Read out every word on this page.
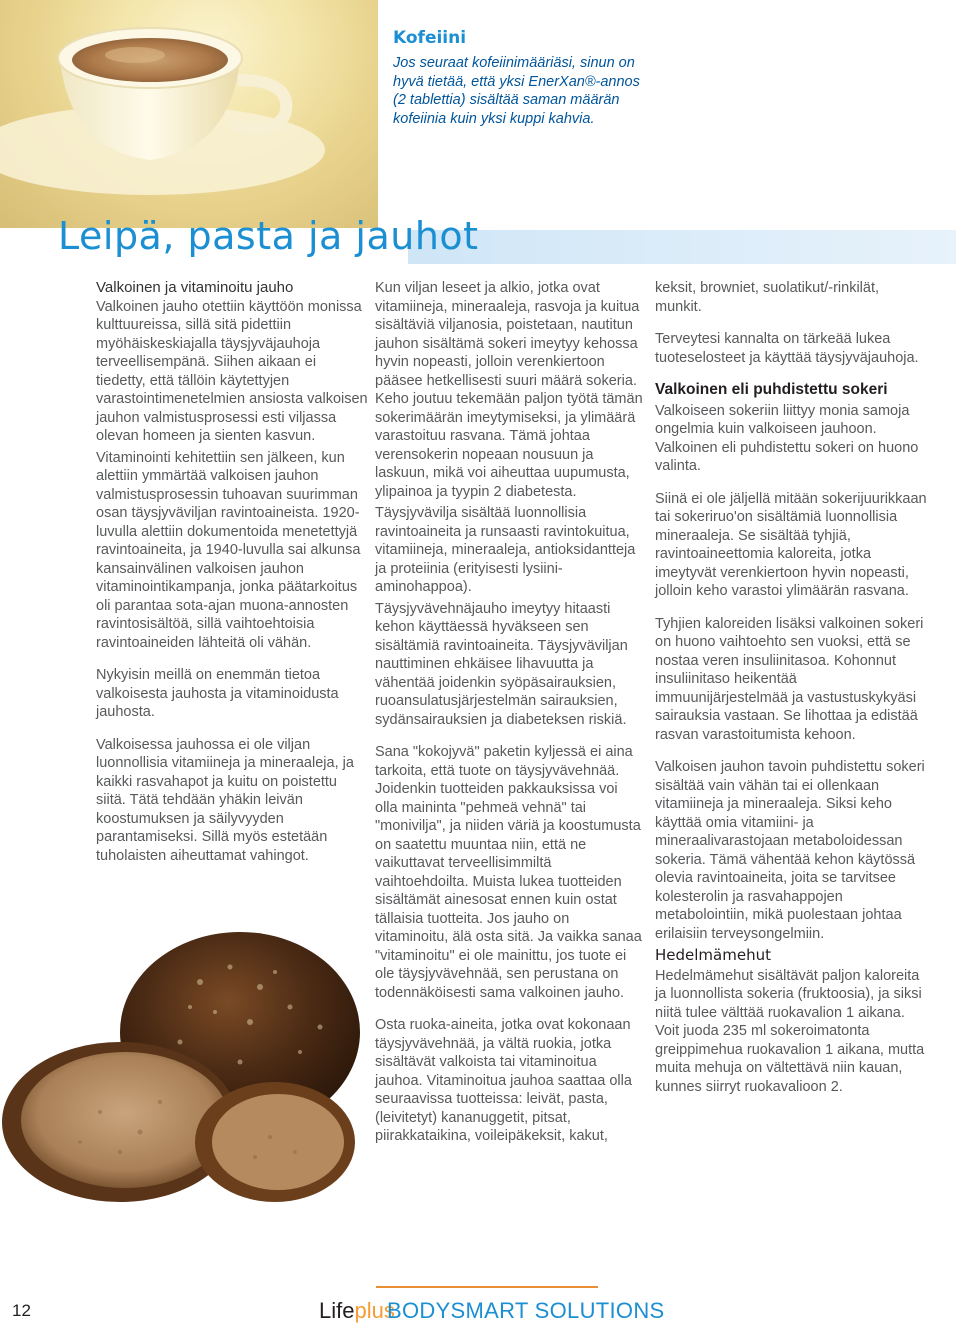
Leipä, pasta ja jauhot
Kofeiini

Jos seuraat kofeiinimääriäsi, sinun on hyvä tietää, että yksi EnerXan®-annos (2 tablettia) sisältää saman määrän kofeiinia kuin yksi kuppi kahvia.

Valkoinen ja vitaminoitu jauho

Valkoinen jauho otettiin käyttöön monissa kulttuureissa, sillä sitä pidettiin myöhäiskeskiajalla täysjyväjauhoja terveellisempänä. Siihen aikaan ei tiedetty, että tällöin käytettyjen varastointimenetelmien ansiosta valkoisen jauhon valmistusprosessi esti viljassa olevan homeen ja sienten kasvun.

Vitaminointi kehitettiin sen jälkeen, kun alettiin ymmärtää valkoisen jauhon valmistusprosessin tuhoavan suurimman osan täysjyväviljan ravintoaineista. 1920-luvulla alettiin dokumentoida menetettyjä ravintoaineita, ja 1940-luvulla sai alkunsa kansainvälinen valkoisen jauhon vitaminointikampanja, jonka päätarkoitus oli parantaa sota-ajan muona-annosten ravintosisältöä, sillä vaihtoehtoisia ravintoaineiden lähteitä oli vähän.

Nykyisin meillä on enemmän tietoa valkoisesta jauhosta ja vitaminoidusta jauhosta.

Valkoisessa jauhossa ei ole viljan luonnollisia vitamiineja ja mineraaleja, ja kaikki rasvahapot ja kuitu on poistettu siitä. Tätä tehdään yhäkin leivän koostumuksen ja säilyvyyden parantamiseksi. Sillä myös estetään tuholaisten aiheuttamat vahingot.

Kun viljan leseet ja alkio, jotka ovat vitamiineja, mineraaleja, rasvoja ja kuitua sisältäviä viljanosia, poistetaan, nautitun jauhon sisältämä sokeri imeytyy kehossa hyvin nopeasti, jolloin verenkiertoon pääsee hetkellisesti suuri määrä sokeria. Keho joutuu tekemään paljon työtä tämän sokerimäärän imeytymiseksi, ja ylimäärä varastoituu rasvana. Tämä johtaa verensokerin nopeaan nousuun ja laskuun, mikä voi aiheuttaa uupumusta, ylipainoa ja tyypin 2 diabetesta.

Täysjyvävilja sisältää luonnollisia ravintoaineita ja runsaasti ravintokuitua, vitamiineja, mineraaleja, antioksidantteja ja proteiinia (erityisesti lysiini-aminohappoa).

Täysjyvävehnäjauho imeytyy hitaasti kehon käyttäessä hyväkseen sen sisältämiä ravintoaineita. Täysjyväviljan nauttiminen ehkäisee lihavuutta ja vähentää joidenkin syöpäsairauksien, ruoansulatusjärjestelmän sairauksien, sydänsairauksien ja diabeteksen riskiä.

Sana "kokojyvä" paketin kyljessä ei aina tarkoita, että tuote on täysjyvävehnää. Joidenkin tuotteiden pakkauksissa voi olla maininta "pehmeä vehnä" tai "monivilja", ja niiden väriä ja koostumusta on saatettu muuntaa niin, että ne vaikuttavat terveellisimmiltä vaihtoehdoilta. Muista lukea tuotteiden sisältämät ainesosat ennen kuin ostat tällaisia tuotteita. Jos jauho on vitaminoitu, älä osta sitä. Ja vaikka sanaa "vitaminoitu" ei ole mainittu, jos tuote ei ole täysjyvävehnää, sen perustana on todennäköisesti sama valkoinen jauho.

Osta ruoka-aineita, jotka ovat kokonaan täysjyvävehnää, ja vältä ruokia, jotka sisältävät valkoista tai vitaminoitua jauhoa. Vitaminoitua jauhoa saattaa olla seuraavissa tuotteissa: leivät, pasta, (leivitetyt) kananuggetit, pitsat, piirakkataikina, voileipäkeksit, kakut,

keksit, browniet, suolatikut/-rinkilät, munkit.

Terveytesi kannalta on tärkeää lukea tuoteselosteet ja käyttää täysjyväjauhoja.

Valkoinen eli puhdistettu sokeri

Valkoiseen sokeriin liittyy monia samoja ongelmia kuin valkoiseen jauhoon. Valkoinen eli puhdistettu sokeri on huono valinta.

Siinä ei ole jäljellä mitään sokerijuurikkaan tai sokeriruo'on sisältämiä luonnollisia mineraaleja. Se sisältää tyhjiä, ravintoaineettomia kaloreita, jotka imeytyvät verenkiertoon hyvin nopeasti, jolloin keho varastoi ylimäärän rasvana.

Tyhjien kaloreiden lisäksi valkoinen sokeri on huono vaihtoehto sen vuoksi, että se nostaa veren insuliinitasoa. Kohonnut insuliinitaso heikentää immuunijärjestelmää ja vastustuskykyäsi sairauksia vastaan. Se lihottaa ja edistää rasvan varastoitumista kehoon.

Valkoisen jauhon tavoin puhdistettu sokeri sisältää vain vähän tai ei ollenkaan vitamiineja ja mineraaleja. Siksi keho käyttää omia vitamiini- ja mineraalivarastojaan metaboloidessan sokeria. Tämä vähentää kehon käytössä olevia ravintoaineita, joita se tarvitsee kolesterolin ja rasvahappojen metabolointiin, mikä puolestaan johtaa erilaisiin terveysongelmiin.

Hedelmämehut

Hedelmämehut sisältävät paljon kaloreita ja luonnollista sokeria (fruktoosia), ja siksi niitä tulee välttää ruokavalion 1 aikana. Voit juoda 235 ml sokeroimatonta greippimehua ruokavalion 1 aikana, mutta muita mehuja on vältettävä niin kauan, kunnes siirryt ruokavalioon 2.

12	Lifeplus
BODYSMART SOLUTIONS
